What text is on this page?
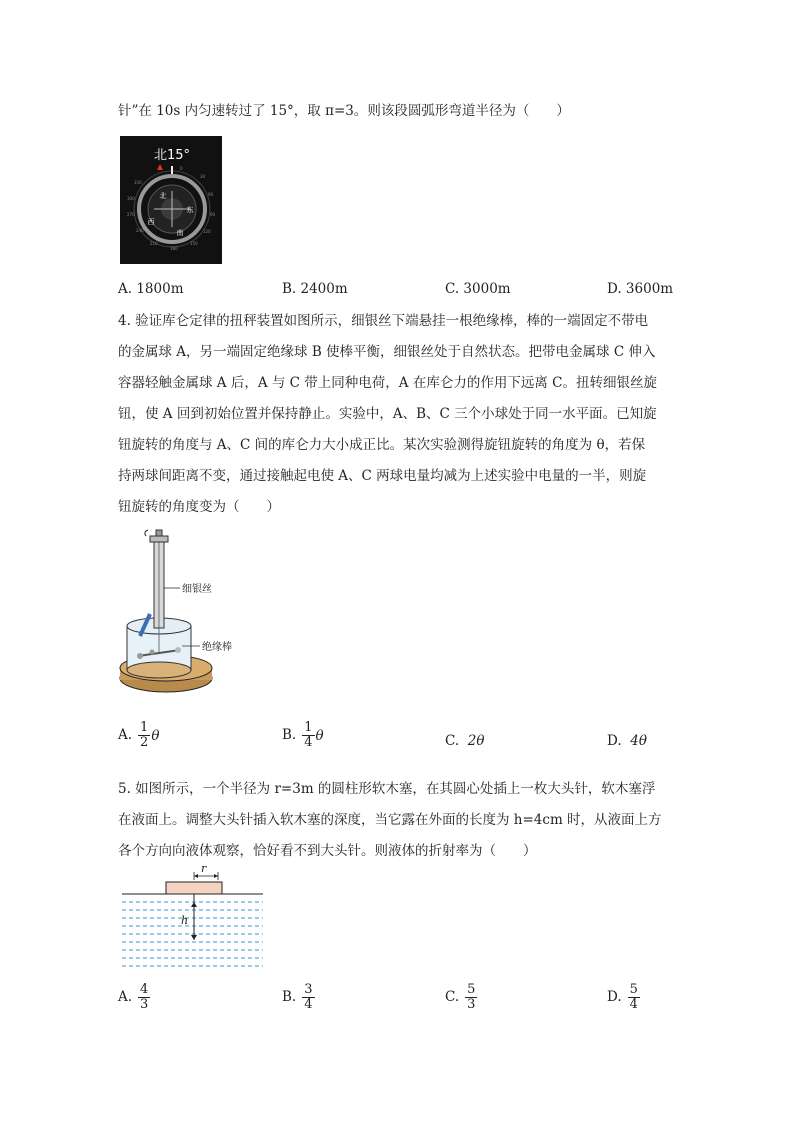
针”在 10s 内匀速转过了 15°，取 π=3。则该段圆弧形弯道半径为（　　）
北15°
北
东
南
西
0
30
60
90
120
150
180
210
240
270
300
330
A. 1800m	B. 2400m	C. 3000m	D. 3600m
4. 验证库仑定律的扭秤装置如图所示，细银丝下端悬挂一根绝缘棒，棒的一端固定不带电
的金属球 A，另一端固定绝缘球 B 使棒平衡，细银丝处于自然状态。把带电金属球 C 伸入
容器轻触金属球 A 后，A 与 C 带上同种电荷，A 在库仑力的作用下远离 C。扭转细银丝旋
钮，使 A 回到初始位置并保持静止。实验中，A、B、C 三个小球处于同一水平面。已知旋
钮旋转的角度与 A、C 间的库仑力大小成正比。某次实验测得旋钮旋转的角度为 θ，若保
持两球间距离不变，通过接触起电使 A、C 两球电量均减为上述实验中电量的一半，则旋
钮旋转的角度变为（　　）
细银丝
绝缘棒
A. $\frac{1}{2}$ θ	B. $\frac{1}{4}$ θ	C. 2θ	D. 4θ
5. 如图所示，一个半径为 r=3m 的圆柱形软木塞，在其圆心处插上一枚大头针，软木塞浮
在液面上。调整大头针插入软木塞的深度，当它露在外面的长度为 h=4cm 时，从液面上方
各个方向向液体观察，恰好看不到大头针。则液体的折射率为（　　）
r
h
A. $\frac{4}{3}$	B. $\frac{3}{4}$	C. $\frac{5}{3}$	D. $\frac{5}{4}$
